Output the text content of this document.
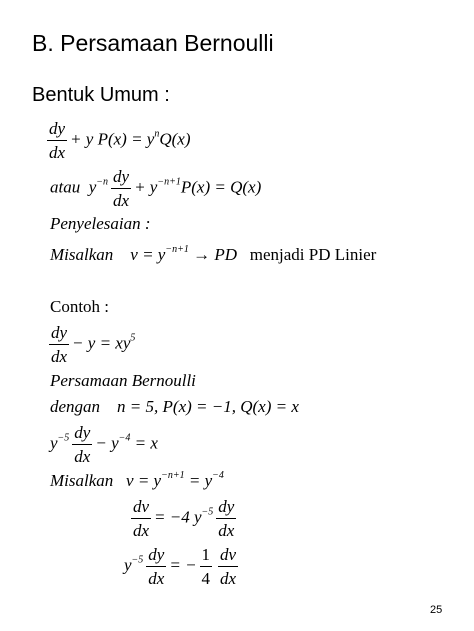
B. Persamaan Bernoulli
Bentuk Umum :
$\frac{dy}{dx} + y$ $P(x) = y^nQ(x)$
atau  $y^{-n} \frac{dy}{dx} + y^{-n+1}P(x) = Q(x)$
Penyelesaian :
Misalkan $v = y^{-n+1}$ → PD menjadi PD Linier
Contoh :
$\frac{dy}{dx} - y = xy^5$
Persamaan Bernoulli
dengan    n = 5, P(x) = −1, Q(x) = x
$y^{-5} \frac{dy}{dx} - y^{-4} = x$
Misalkan   $v = y^{-n+1} = y^{-4}$
$\frac{dv}{dx} = -4$ $y^{-5} \frac{dy}{dx}$
$y^{-5} \frac{dy}{dx}$ = − $\frac{1}{4} \frac{dv}{dx}$
25
